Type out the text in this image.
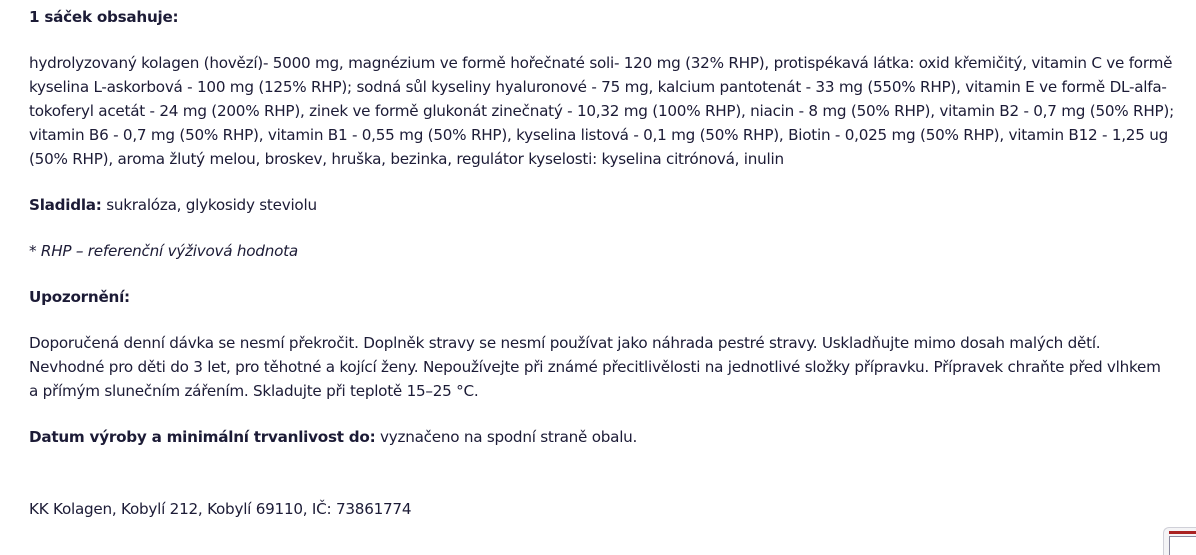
1 sáček obsahuje:

hydrolyzovaný kolagen (hovězí)- 5000 mg, magnézium ve formě hořečnaté soli- 120 mg (32% RHP), protispékavá látka: oxid křemičitý, vitamin C ve formě kyselina L-askorbová - 100 mg (125% RHP); sodná sůl kyseliny hyaluronové - 75 mg, kalcium pantotenát - 33 mg (550% RHP), vitamin E ve formě DL-alfa-tokoferyl acetát - 24 mg (200% RHP), zinek ve formě glukonát zinečnatý - 10,32 mg (100% RHP), niacin - 8 mg (50% RHP), vitamin B2 - 0,7 mg (50% RHP); vitamin B6 - 0,7 mg (50% RHP), vitamin B1 - 0,55 mg (50% RHP), kyselina listová - 0,1 mg (50% RHP), Biotin - 0,025 mg (50% RHP), vitamin B12 - 1,25 ug (50% RHP), aroma žlutý melou, broskev, hruška, bezinka, regulátor kyselosti: kyselina citrónová, inulin

Sladidla: sukralóza, glykosidy steviolu

* RHP – referenční výživová hodnota

Upozornění:

Doporučená denní dávka se nesmí překročit. Doplněk stravy se nesmí používat jako náhrada pestré stravy. Uskladňujte mimo dosah malých dětí. Nevhodné pro děti do 3 let, pro těhotné a kojící ženy. Nepoužívejte při známé přecitlivělosti na jednotlivé složky přípravku. Přípravek chraňte před vlhkem a přímým slunečním zářením. Skladujte při teplotě 15–25 °C.

Datum výroby a minimální trvanlivost do: vyznačeno na spodní straně obalu.

KK Kolagen, Kobylí 212, Kobylí 69110, IČ: 73861774
